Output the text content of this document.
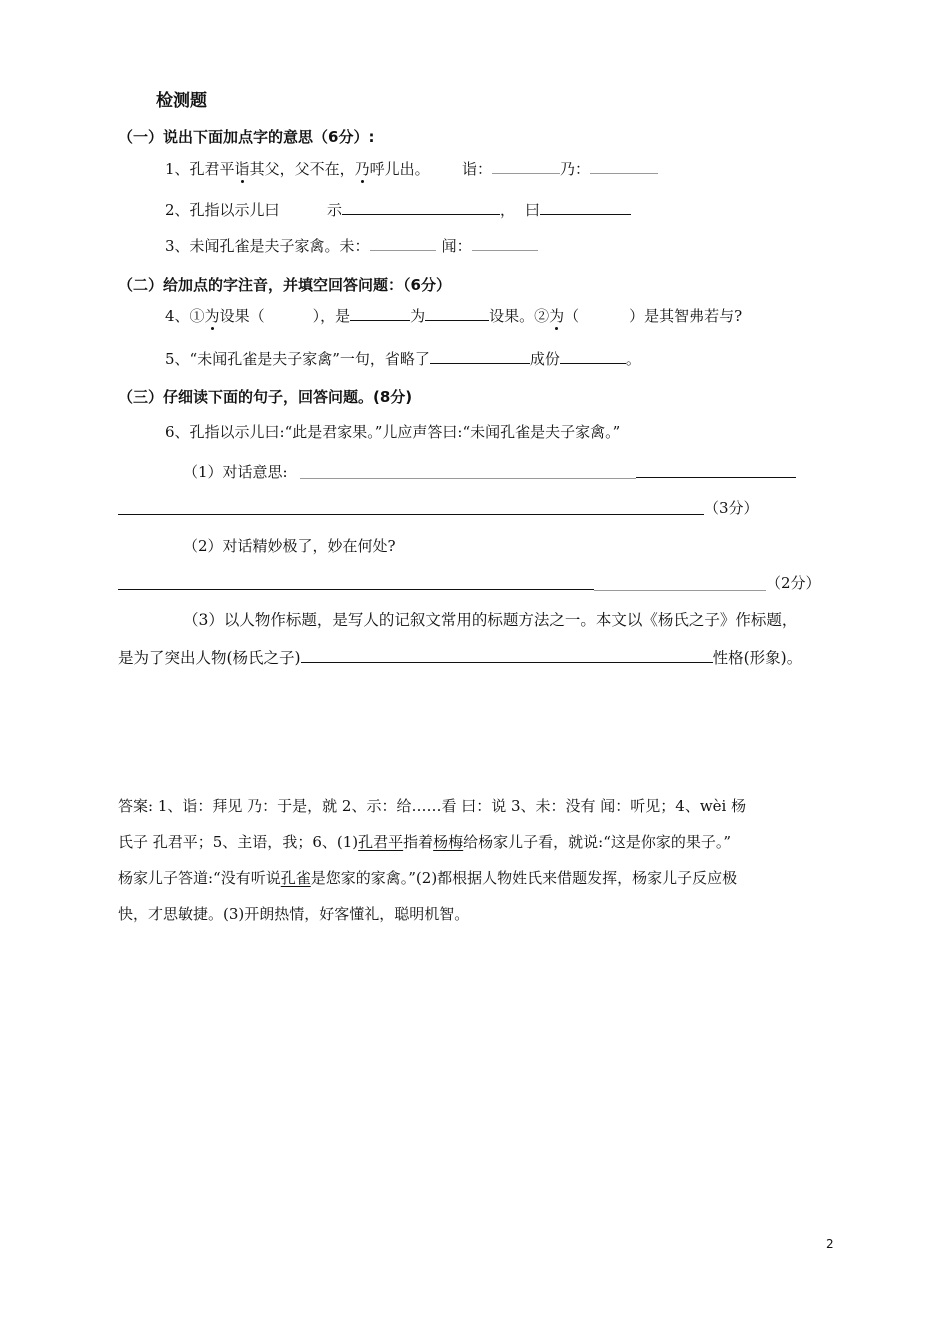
检测题
（一）说出下面加点字的意思（6分）:
1、孔君平诣其父，父不在，乃呼儿出。 诣：	乃：
2、孔指以示儿曰	示	， 曰
3、未闻孔雀是夫子家禽。未：	闻：
（二）给加点的字注音，并填空回答问题：（6分）
4、①为设果（	），是	为	设果。②为（	）是其智弗若与?
5、“未闻孔雀是夫子家禽”一句，省略了	成份	。
（三）仔细读下面的句子，回答问题。(8分)
6、孔指以示儿曰:“此是君家果。”儿应声答曰:“未闻孔雀是夫子家禽。”
（1）对话意思:
（3分）
（2）对话精妙极了，妙在何处?
（2分）
（3）以人物作标题，是写人的记叙文常用的标题方法之一。本文以《杨氏之子》作标题，
是为了突出人物(杨氏之子)	性格(形象)。
答案: 1、诣：拜见 乃：于是，就 2、示：给……看 曰：说 3、未：没有 闻：听见；4、wèi 杨
氏子 孔君平；5、主语，我；6、(1)孔君平指着杨梅给杨家儿子看，就说:“这是你家的果子。”
杨家儿子答道:“没有听说孔雀是您家的家禽。”(2)都根据人物姓氏来借题发挥，杨家儿子反应极
快，才思敏捷。(3)开朗热情，好客懂礼，聪明机智。
2
